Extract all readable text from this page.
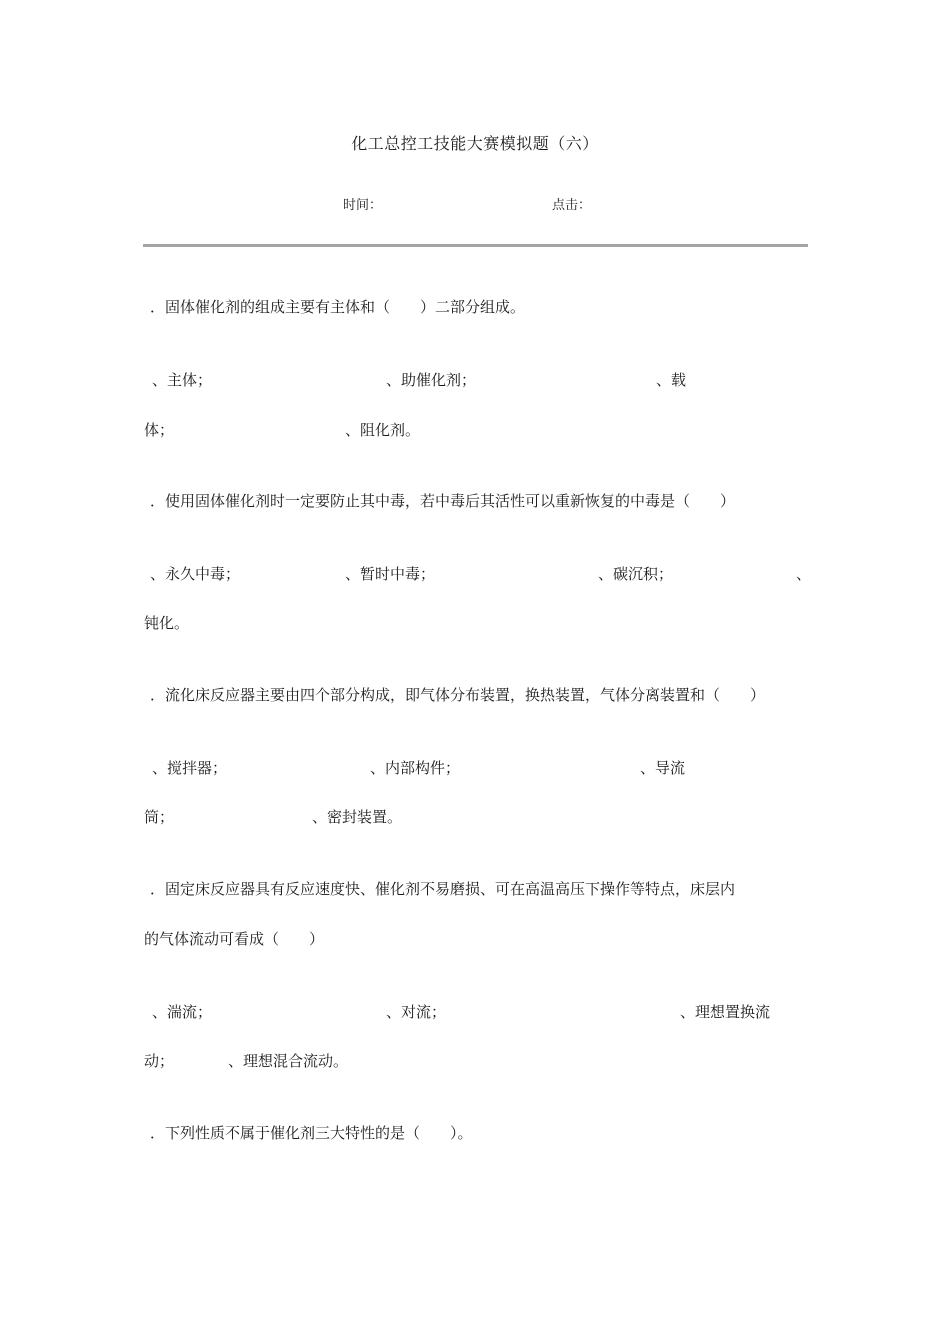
化工总控工技能大赛模拟题（六）
时间：	点击：
．固体催化剂的组成主要有主体和（　　）二部分组成。
、主体；	、助催化剂；	、载
体；	、阻化剂。
．使用固体催化剂时一定要防止其中毒，若中毒后其活性可以重新恢复的中毒是（　　）
、永久中毒；	、暂时中毒；	、碳沉积；	、
钝化。
．流化床反应器主要由四个部分构成，即气体分布装置，换热装置，气体分离装置和（　　）
、搅拌器；	、内部构件；	、导流
筒；	、密封装置。
．固定床反应器具有反应速度快、催化剂不易磨损、可在高温高压下操作等特点，床层内
的气体流动可看成（　　）
、湍流；	、对流；	、理想置换流
动；	、理想混合流动。
．下列性质不属于催化剂三大特性的是（　　）。
